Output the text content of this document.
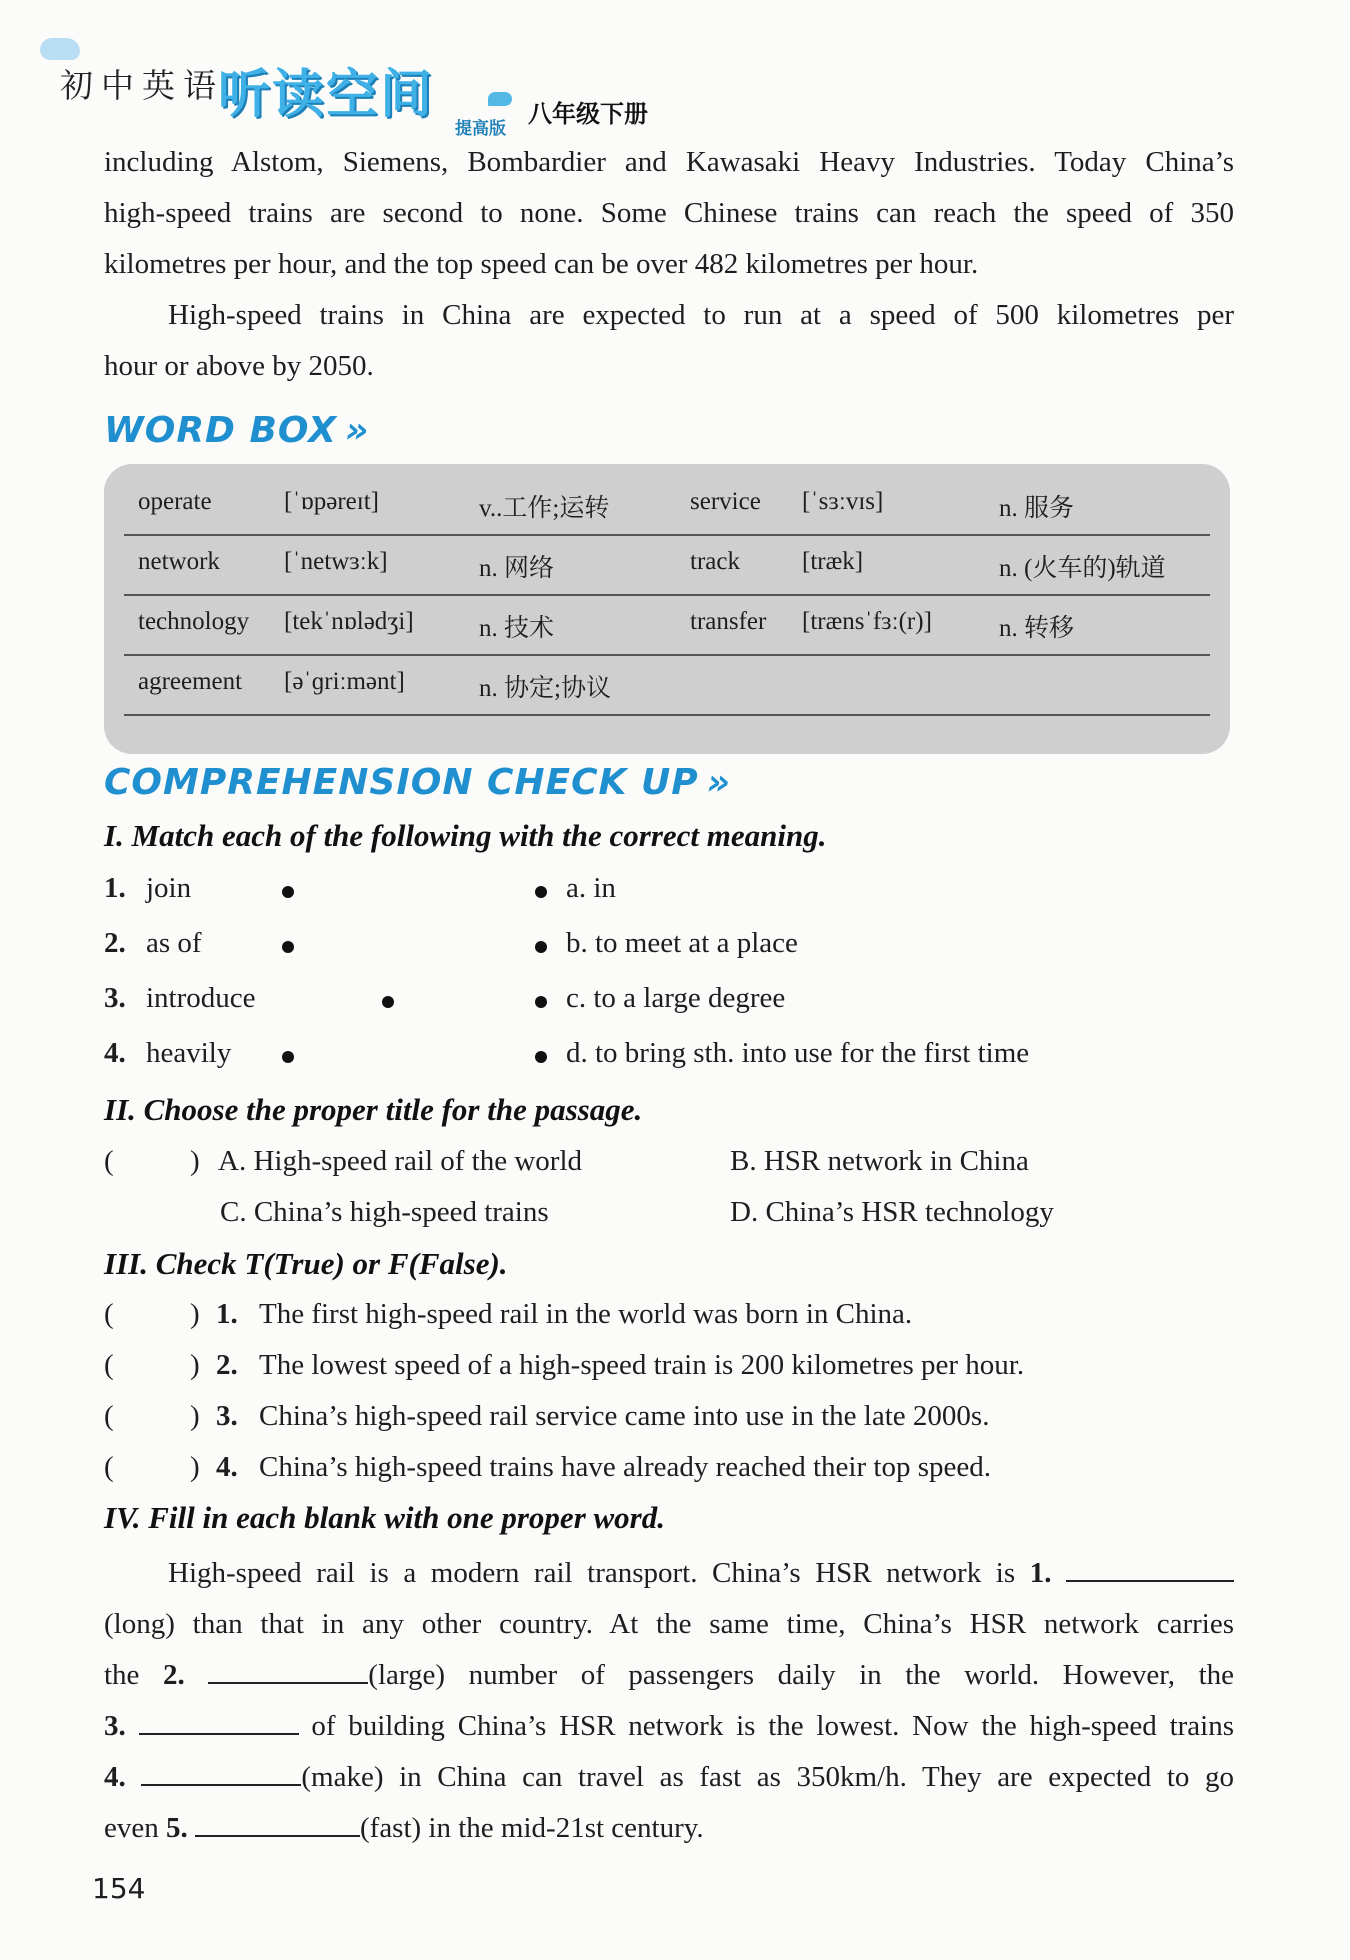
初中英语
听读空间
提高版
八年级下册

including Alstom, Siemens, Bombardier and Kawasaki Heavy Industries. Today China’s

high-speed trains are second to none. Some Chinese trains can reach the speed of 350

kilometres per hour, and the top speed can be over 482 kilometres per hour.

High-speed trains in China are expected to run at a speed of 500 kilometres per

hour or above by 2050.

WORD BOX »
operate	[ˈɒpəreɪt]	v..工作;运转	service [ˈsɜːvɪs]	n. 服务
network	[ˈnetwɜːk]	n. 网络	track [træk]	n. (火车的)轨道
technology [tekˈnɒlədʒi]	n. 技术	transfer [trænsˈfɜː(r)]	n. 转移
agreement [əˈɡriːmənt]	n. 协定;协议
COMPREHENSION CHECK UP »
I. Match each of the following with the correct meaning.
1. join	a. in
2. as of	b. to meet at a place
3. introduce	c. to a large degree
4. heavily	d. to bring sth. into use for the first time
II. Choose the proper title for the passage.
(	) A. High-speed rail of the world	B. HSR network in China
C. China’s high-speed trains	D. China’s HSR technology
III. Check T(True) or F(False).
(	) 1. The first high-speed rail in the world was born in China.
(	) 2. The lowest speed of a high-speed train is 200 kilometres per hour.
(	) 3. China’s high-speed rail service came into use in the late 2000s.
(	) 4. China’s high-speed trains have already reached their top speed.
IV. Fill in each blank with one proper word.

High-speed rail is a modern rail transport. China’s HSR network is 1.

(long) than that in any other country. At the same time, China’s HSR network carries

the 2.	(large) number of passengers daily in the world. However, the

3.	of building China’s HSR network is the lowest. Now the high-speed trains

4.	(make) in China can travel as fast as 350km/h. They are expected to go

even 5.	(fast) in the mid-21st century.

154
